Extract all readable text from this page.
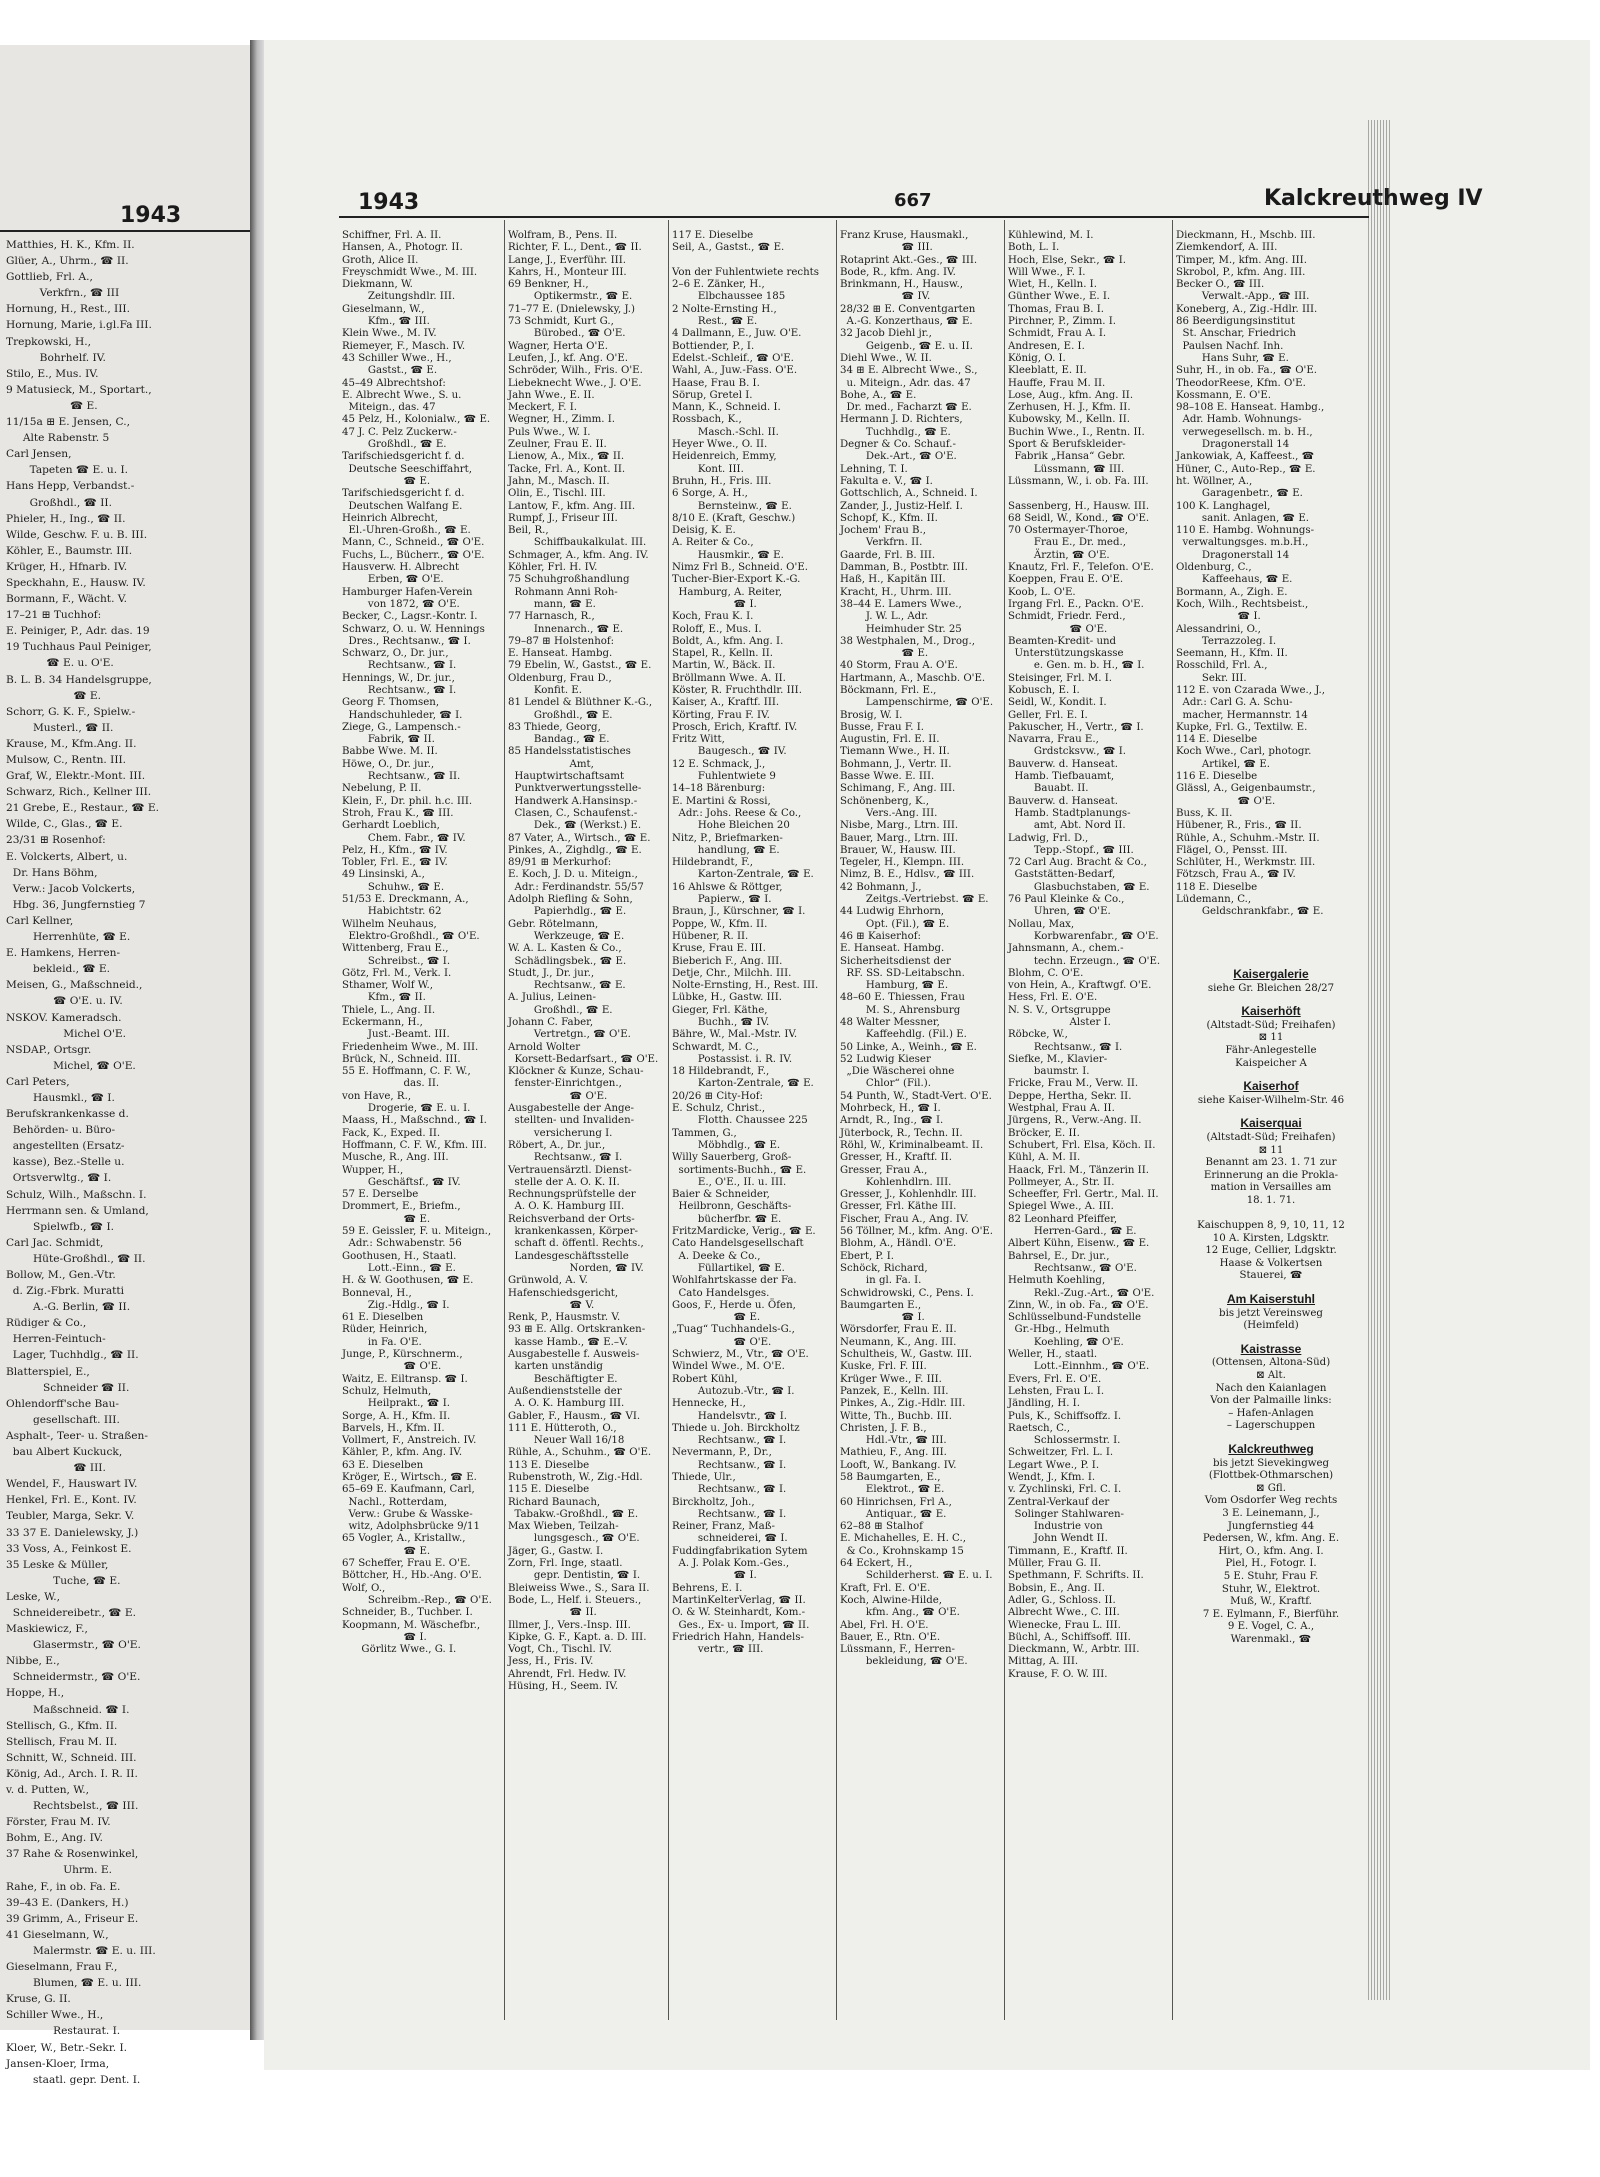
1943
Matthies, H. K., Kfm. II.
Glüer, A., Uhrm., ☎ II.
Gottlieb, Frl. A.,
Verkfrn., ☎ III
Hornung, H., Rest., III.
Hornung, Marie, i.gl.Fa III.
Trepkowski, H.,
Bohrhelf. IV.
Stilo, E., Mus. IV.
9 Matusieck, M., Sportart.,
☎ E.
11/15a ⊞ E. Jensen, C.,
Alte Rabenstr. 5
Carl Jensen,
Tapeten ☎ E. u. I.
Hans Hepp, Verbandst.-
Großhdl., ☎ II.
Phieler, H., Ing., ☎ II.
Wilde, Geschw. F. u. B. III.
Köhler, E., Baumstr. III.
Krüger, H., Hfnarb. IV.
Speckhahn, E., Hausw. IV.
Bormann, F., Wächt. V.
17–21 ⊞ Tuchhof:
E. Peiniger, P., Adr. das. 19
19 Tuchhaus Paul Peiniger,
☎ E. u. O'E.
B. L. B. 34 Handelsgruppe,
☎ E.
Schorr, G. K. F., Spielw.-
Musterl., ☎ II.
Krause, M., Kfm.Ang. II.
Mulsow, C., Rentn. III.
Graf, W., Elektr.-Mont. III.
Schwarz, Rich., Kellner III.
21 Grebe, E., Restaur., ☎ E.
Wilde, C., Glas., ☎ E.
23/31 ⊞ Rosenhof:
E. Volckerts, Albert, u.
Dr. Hans Böhm,
Verw.: Jacob Volckerts,
Hbg. 36, Jungfernstieg 7
Carl Kellner,
Herrenhüte, ☎ E.
E. Hamkens, Herren-
bekleid., ☎ E.
Meisen, G., Maßschneid.,
☎ O'E. u. IV.
NSKOV. Kameradsch.
Michel O'E.
NSDAP., Ortsgr.
Michel, ☎ O'E.
Carl Peters,
Hausmkl., ☎ I.
Berufskrankenkasse d.
Behörden- u. Büro-
angestellten (Ersatz-
kasse), Bez.-Stelle u.
Ortsverwltg., ☎ I.
Schulz, Wilh., Maßschn. I.
Herrmann sen. & Umland,
Spielwfb., ☎ I.
Carl Jac. Schmidt,
Hüte-Großhdl., ☎ II.
Bollow, M., Gen.-Vtr.
d. Zig.-Fbrk. Muratti
A.-G. Berlin, ☎ II.
Rüdiger & Co.,
Herren-Feintuch-
Lager, Tuchhdlg., ☎ II.
Blatterspiel, E.,
Schneider ☎ II.
Ohlendorff'sche Bau-
gesellschaft. III.
Asphalt-, Teer- u. Straßen-
bau Albert Kuckuck,
☎ III.
Wendel, F., Hauswart IV.
Henkel, Frl. E., Kont. IV.
Teubler, Marga, Sekr. V.
33 37 E. Danielewsky, J.)
33 Voss, A., Feinkost E.
35 Leske & Müller,
Tuche, ☎ E.
Leske, W.,
Schneidereibetr., ☎ E.
Maskiewicz, F.,
Glasermstr., ☎ O'E.
Nibbe, E.,
Schneidermstr., ☎ O'E.
Hoppe, H.,
Maßschneid. ☎ I.
Stellisch, G., Kfm. II.
Stellisch, Frau M. II.
Schnitt, W., Schneid. III.
König, Ad., Arch. I. R. II.
v. d. Putten, W.,
Rechtsbelst., ☎ III.
Förster, Frau M. IV.
Bohm, E., Ang. IV.
37 Rahe & Rosenwinkel,
Uhrm. E.
Rahe, F., in ob. Fa. E.
39–43 E. (Dankers, H.)
39 Grimm, A., Friseur E.
41 Gieselmann, W.,
Malermstr. ☎ E. u. III.
Gieselmann, Frau F.,
Blumen, ☎ E. u. III.
Kruse, G. II.
Schiller Wwe., H.,
Restaurat. I.
Kloer, W., Betr.-Sekr. I.
Jansen-Kloer, Irma,
staatl. gepr. Dent. I.
1943	667	Kalckreuthweg IV
Schiffner, Frl. A. II.
Hansen, A., Photogr. II.
Groth, Alice II.
Freyschmidt Wwe., M. III.
Diekmann, W.
Zeitungshdlr. III.
Gieselmann, W.,
Kfm., ☎ III.
Klein Wwe., M. IV.
Riemeyer, F., Masch. IV.
43 Schiller Wwe., H.,
Gastst., ☎ E.
45–49 Albrechtshof:
E. Albrecht Wwe., S. u.
Miteign., das. 47
45 Pelz, H., Kolonialw., ☎ E.
47 J. C. Pelz Zuckerw.-
Großhdl., ☎ E.
Tarifschiedsgericht f. d.
Deutsche Seeschiffahrt,
☎ E.
Tarifschiedsgericht f. d.
Deutschen Walfang E.
Heinrich Albrecht,
El.-Uhren-Großh., ☎ E.
Mann, C., Schneid., ☎ O'E.
Fuchs, L., Bücherr., ☎ O'E.
Hausverw. H. Albrecht
Erben, ☎ O'E.
Hamburger Hafen-Verein
von 1872, ☎ O'E.
Becker, C., Lagsr.-Kontr. I.
Schwarz, O. u. W. Hennings
Dres., Rechtsanw., ☎ I.
Schwarz, O., Dr. jur.,
Rechtsanw., ☎ I.
Hennings, W., Dr. jur.,
Rechtsanw., ☎ I.
Georg F. Thomsen,
Handschuhleder, ☎ I.
Ziege, G., Lampensch.-
Fabrik, ☎ II.
Babbe Wwe. M. II.
Höwe, O., Dr. jur.,
Rechtsanw., ☎ II.
Nebelung, P. II.
Klein, F., Dr. phil. h.c. III.
Stroh, Frau K., ☎ III.
Gerhardt Loeblich,
Chem. Fabr., ☎ IV.
Pelz, H., Kfm., ☎ IV.
Tobler, Frl. E., ☎ IV.
49 Linsinski, A.,
Schuhw., ☎ E.
51/53 E. Dreckmann, A.,
Habichtstr. 62
Wilhelm Neuhaus,
Elektro-Großhdl., ☎ O'E.
Wittenberg, Frau E.,
Schreibst., ☎ I.
Götz, Frl. M., Verk. I.
Sthamer, Wolf W.,
Kfm., ☎ II.
Thiele, L., Ang. II.
Eckermann, H.,
Just.-Beamt. III.
Friedenheim Wwe., M. III.
Brück, N., Schneid. III.
55 E. Hoffmann, C. F. W.,
das. II.
von Have, R.,
Drogerie, ☎ E. u. I.
Maass, H., Maßschnd., ☎ I.
Fack, K., Exped. II.
Hoffmann, C. F. W., Kfm. III.
Musche, R., Ang. III.
Wupper, H.,
Geschäftsf., ☎ IV.
57 E. Derselbe
Drommert, E., Briefm.,
☎ E.
59 E. Geissler, F. u. Miteign.,
Adr.: Schwabenstr. 56
Goothusen, H., Staatl.
Lott.-Einn., ☎ E.
H. & W. Goothusen, ☎ E.
Bonneval, H.,
Zig.-Hdlg., ☎ I.
61 E. Dieselben
Rüder, Heinrich,
in Fa. O'E.
Junge, P., Kürschnerm.,
☎ O'E.
Waitz, E. Eiltransp. ☎ I.
Schulz, Helmuth,
Heilprakt., ☎ I.
Sorge, A. H., Kfm. II.
Barvels, H., Kfm. II.
Vollmert, F., Anstreich. IV.
Kähler, P., kfm. Ang. IV.
63 E. Dieselben
Kröger, E., Wirtsch., ☎ E.
65–69 E. Kaufmann, Carl,
Nachl., Rotterdam,
Verw.: Grube & Wasske-
witz, Adolphsbrücke 9/11
65 Vogler, A., Kristallw.,
☎ E.
67 Scheffer, Frau E. O'E.
Böttcher, H., Hb.-Ang. O'E.
Wolf, O.,
Schreibm.-Rep., ☎ O'E.
Schneider, B., Tuchber. I.
Koopmann, M. Wäschefbr.,
☎ I.
Görlitz Wwe., G. I.
Wolfram, B., Pens. II.
Richter, F. L., Dent., ☎ II.
Lange, J., Everführ. III.
Kahrs, H., Monteur III.
69 Benkner, H.,
Optikermstr., ☎ E.
71–77 E. (Dnielewsky, J.)
73 Schmidt, Kurt G.,
Bürobed., ☎ O'E.
Wagner, Herta O'E.
Leufen, J., kf. Ang. O'E.
Schröder, Wilh., Fris. O'E.
Liebeknecht Wwe., J. O'E.
Jahn Wwe., E. II.
Meckert, F. I.
Wegner, H., Zimm. I.
Puls Wwe., W. I.
Zeulner, Frau E. II.
Lienow, A., Mix., ☎ II.
Tacke, Frl. A., Kont. II.
Jahn, M., Masch. II.
Olin, E., Tischl. III.
Lantow, F., kfm. Ang. III.
Rumpf, J., Friseur III.
Beil, R.,
Schiffbaukalkulat. III.
Schmager, A., kfm. Ang. IV.
Köhler, Frl. H. IV.
75 Schuhgroßhandlung
Rohmann Anni Roh-
mann, ☎ E.
77 Harnasch, R.,
Innenarch., ☎ E.
79–87 ⊞ Holstenhof:
E. Hanseat. Hambg.
79 Ebelin, W., Gastst., ☎ E.
Oldenburg, Frau D.,
Konfit. E.
81 Lendel & Blüthner K.-G.,
Großhdl., ☎ E.
83 Thiede, Georg,
Bandag., ☎ E.
85 Handelsstatistisches
Amt,
Hauptwirtschaftsamt
Punktverwertungsstelle-
Handwerk A.Hansinsp.-
Clasen, C., Schaufenst.-
Dek., ☎ (Werkst.) E.
87 Vater, A., Wirtsch., ☎ E.
Pinkes, A., Zighdlg., ☎ E.
89/91 ⊞ Merkurhof:
E. Koch, J. D. u. Miteign.,
Adr.: Ferdinandstr. 55/57
Adolph Riefling & Sohn,
Papierhdlg., ☎ E.
Gebr. Rötelmann,
Werkzeuge, ☎ E.
W. A. L. Kasten & Co.,
Schädlingsbek., ☎ E.
Studt, J., Dr. jur.,
Rechtsanw., ☎ E.
A. Julius, Leinen-
Großhdl., ☎ E.
Johann C. Faber,
Vertretgn., ☎ O'E.
Arnold Wolter
Korsett-Bedarfsart., ☎ O'E.
Klöckner & Kunze, Schau-
fenster-Einrichtgen.,
☎ O'E.
Ausgabestelle der Ange-
stellten- und Invaliden-
versicherung I.
Röbert, A., Dr. jur.,
Rechtsanw., ☎ I.
Vertrauensärztl. Dienst-
stelle der A. O. K. II.
Rechnungsprüfstelle der
A. O. K. Hamburg III.
Reichsverband der Orts-
krankenkassen, Körper-
schaft d. öffentl. Rechts.,
Landesgeschäftsstelle
Norden, ☎ IV.
Grünwold, A. V.
Hafenschiedsgericht,
☎ V.
Renk, P., Hausmstr. V.
93 ⊞ E. Allg. Ortskranken-
kasse Hamb., ☎ E.–V.
Ausgabestelle f. Ausweis-
karten unständig
Beschäftigter E.
Außendienststelle der
A. O. K. Hamburg III.
Gabler, F., Hausm., ☎ VI.
111 E. Hütteroth, O.,
Neuer Wall 16/18
Rühle, A., Schuhm., ☎ O'E.
113 E. Dieselbe
Rubenstroth, W., Zig.-Hdl.
115 E. Dieselbe
Richard Baunach,
Tabakw.-Großhdl., ☎ E.
Max Wieben, Teilzah-
lungsgesch., ☎ O'E.
Jäger, G., Gastw. I.
Zorn, Frl. Inge, staatl.
gepr. Dentistin, ☎ I.
Bleiweiss Wwe., S., Sara II.
Bode, L., Helf. i. Steuers.,
☎ II.
Illmer, J., Vers.-Insp. III.
Kipke, G. F., Kapt. a. D. III.
Vogt, Ch., Tischl. IV.
Jess, H., Fris. IV.
Ahrendt, Frl. Hedw. IV.
Hüsing, H., Seem. IV.
117 E. Dieselbe
Seil, A., Gastst., ☎ E.

Von der Fuhlentwiete rechts
2–6 E. Zänker, H.,
Elbchaussee 185
2 Nolte-Ernsting H.,
Rest., ☎ E.
4 Dallmann, E., Juw. O'E.
Bottiender, P., I.
Edelst.-Schleif., ☎ O'E.
Wahl, A., Juw.-Fass. O'E.
Haase, Frau B. I.
Sörup, Gretel I.
Mann, K., Schneid. I.
Rossbach, K.,
Masch.-Schl. II.
Heyer Wwe., O. II.
Heidenreich, Emmy,
Kont. III.
Bruhn, H., Fris. III.
6 Sorge, A. H.,
Bernsteinw., ☎ E.
8/10 E. (Kraft, Geschw.)
Deisig, K. E.
A. Reiter & Co.,
Hausmkir., ☎ E.
Nimz Frl B., Schneid. O'E.
Tucher-Bier-Export K.-G.
Hamburg, A. Reiter,
☎ I.
Koch, Frau K. I.
Roloff, E., Mus. I.
Boldt, A., kfm. Ang. I.
Stapel, R., Kelln. II.
Martin, W., Bäck. II.
Bröllmann Wwe. A. II.
Köster, R. Fruchthdlr. III.
Kaiser, A., Kraftf. III.
Körting, Frau F. IV.
Prosch, Erich, Kraftf. IV.
Fritz Witt,
Baugesch., ☎ IV.
12 E. Schmack, J.,
Fuhlentwiete 9
14–18 Bärenburg:
E. Martini & Rossi,
Adr.: Johs. Reese & Co.,
Hohe Bleichen 20
Nitz, P., Briefmarken-
handlung, ☎ E.
Hildebrandt, F.,
Karton-Zentrale, ☎ E.
16 Ahlswe & Röttger,
Papierw., ☎ I.
Braun, J., Kürschner, ☎ I.
Poppe, W., Kfm. II.
Hübener, R. II.
Kruse, Frau E. III.
Bieberich F., Ang. III.
Detje, Chr., Milchh. III.
Nolte-Ernsting, H., Rest. III.
Lübke, H., Gastw. III.
Gieger, Frl. Käthe,
Buchh., ☎ IV.
Bähre, W., Mal.-Mstr. IV.
Schwardt, M. C.,
Postassist. i. R. IV.
18 Hildebrandt, F.,
Karton-Zentrale, ☎ E.
20/26 ⊞ City-Hof:
E. Schulz, Christ.,
Flotth. Chaussee 225
Tammen, G.,
Möbhdlg., ☎ E.
Willy Sauerberg, Groß-
sortiments-Buchh., ☎ E.
E., O'E., II. u. III.
Baier & Schneider,
Heilbronn, Geschäfts-
bücherfbr. ☎ E.
FritzMardicke, Verig., ☎ E.
Cato Handelsgesellschaft
A. Deeke & Co.,
Füllartikel, ☎ E.
Wohlfahrtskasse der Fa.
Cato Handelsges.
Goos, F., Herde u. Öfen,
☎ E.
„Tuag“ Tuchhandels-G.,
☎ O'E.
Schwierz, M., Vtr., ☎ O'E.
Windel Wwe., M. O'E.
Robert Kühl,
Autozub.-Vtr., ☎ I.
Hennecke, H.,
Handelsvtr., ☎ I.
Thiede u. Joh. Birckholtz
Rechtsanw., ☎ I.
Nevermann, P., Dr.,
Rechtsanw., ☎ I.
Thiede, Ulr.,
Rechtsanw., ☎ I.
Birckholtz, Joh.,
Rechtsanw., ☎ I.
Reiner, Franz, Maß-
schneiderei, ☎ I.
Fuddingfabrikation Sytem
A. J. Polak Kom.-Ges.,
☎ I.
Behrens, E. I.
MartinKelterVerlag, ☎ II.
O. & W. Steinhardt, Kom.-
Ges., Ex- u. Import, ☎ II.
Friedrich Hahn, Handels-
vertr., ☎ III.
Franz Kruse, Hausmakl.,
☎ III.
Rotaprint Akt.-Ges., ☎ III.
Bode, R., kfm. Ang. IV.
Brinkmann, H., Hausw.,
☎ IV.
28/32 ⊞ E. Conventgarten
A.-G. Konzerthaus, ☎ E.
32 Jacob Diehl jr.,
Geigenb., ☎ E. u. II.
Diehl Wwe., W. II.
34 ⊞ E. Albrecht Wwe., S.,
u. Miteign., Adr. das. 47
Bohe, A., ☎ E.
Dr. med., Facharzt ☎ E.
Hermann J. D. Richters,
Tuchhdlg., ☎ E.
Degner & Co. Schauf.-
Dek.-Art., ☎ O'E.
Lehning, T. I.
Fakulta e. V., ☎ I.
Gottschlich, A., Schneid. I.
Zander, J., Justiz-Helf. I.
Schopf, K., Kfm. II.
Jochem' Frau B.,
Verkfrn. II.
Gaarde, Frl. B. III.
Damman, B., Postbtr. III.
Haß, H., Kapitän III.
Kracht, H., Uhrm. III.
38–44 E. Lamers Wwe.,
J. W. L., Adr.
Heimhuder Str. 25
38 Westphalen, M., Drog.,
☎ E.
40 Storm, Frau A. O'E.
Hartmann, A., Maschb. O'E.
Böckmann, Frl. E.,
Lampenschirme, ☎ O'E.
Brosig, W. I.
Busse, Frau F. I.
Augustin, Frl. E. II.
Tiemann Wwe., H. II.
Bohmann, J., Vertr. II.
Basse Wwe. E. III.
Schimang, F., Ang. III.
Schönenberg, K.,
Vers.-Ang. III.
Nisbe, Marg., Ltrn. III.
Bauer, Marg., Ltrn. III.
Brauer, W., Hausw. III.
Tegeler, H., Klempn. III.
Nimz, B. E., Hdlsv., ☎ III.
42 Bohmann, J.,
Zeitgs.-Vertriebst. ☎ E.
44 Ludwig Ehrhorn,
Opt. (Fil.), ☎ E.
46 ⊞ Kaiserhof:
E. Hanseat. Hambg.
Sicherheitsdienst der
RF. SS. SD-Leitabschn.
Hamburg, ☎ E.
48–60 E. Thiessen, Frau
M. S., Ahrensburg
48 Walter Messner,
Kaffeehdlg. (Fil.) E.
50 Linke, A., Weinh., ☎ E.
52 Ludwig Kieser
„Die Wäscherei ohne
Chlor“ (Fil.).
54 Punth, W., Stadt-Vert. O'E.
Mohrbeck, H., ☎ I.
Arndt, R., Ing., ☎ I.
Jüterbock, R., Techn. II.
Röhl, W., Kriminalbeamt. II.
Gresser, H., Kraftf. II.
Gresser, Frau A.,
Kohlenhdlrn. III.
Gresser, J., Kohlenhdlr. III.
Gresser, Frl. Käthe III.
Fischer, Frau A., Ang. IV.
56 Töllner, M., kfm. Ang. O'E.
Blohm, A., Händl. O'E.
Ebert, P. I.
Schöck, Richard,
in gl. Fa. I.
Schwidrowski, C., Pens. I.
Baumgarten E.,
☎ I.
Wörsdorfer, Frau E. II.
Neumann, K., Ang. III.
Schultheis, W., Gastw. III.
Kuske, Frl. F. III.
Krüger Wwe., F. III.
Panzek, E., Kelln. III.
Pinkes, A., Zig.-Hdlr. III.
Witte, Th., Buchb. III.
Christen, J. F. B.,
Hdl.-Vtr., ☎ III.
Mathieu, F., Ang. III.
Looft, W., Bankang. IV.
58 Baumgarten, E.,
Elektrot., ☎ E.
60 Hinrichsen, Frl A.,
Antiquar., ☎ E.
62–88 ⊞ Stalhof
E. Michahelles, E. H. C.,
& Co., Krohnskamp 15
64 Eckert, H.,
Schilderherst. ☎ E. u. I.
Kraft, Frl. E. O'E.
Koch, Alwine-Hilde,
kfm. Ang., ☎ O'E.
Abel, Frl. H. O'E.
Bauer, E., Rtn. O'E.
Lüssmann, F., Herren-
bekleidung, ☎ O'E.
Kühlewind, M. I.
Both, L. I.
Hoch, Else, Sekr., ☎ I.
Will Wwe., F. I.
Wiet, H., Kelln. I.
Günther Wwe., E. I.
Thomas, Frau B. I.
Pirchner, P., Zimm. I.
Schmidt, Frau A. I.
Andresen, E. I.
König, O. I.
Kleeblatt, E. II.
Hauffe, Frau M. II.
Lose, Aug., kfm. Ang. II.
Zerhusen, H. J., Kfm. II.
Kubowsky, M., Kelln. II.
Buchin Wwe., I., Rentn. II.
Sport & Berufskleider-
Fabrik „Hansa“ Gebr.
Lüssmann, ☎ III.
Lüssmann, W., i. ob. Fa. III.

Sassenberg, H., Hausw. III.
68 Seidl, W., Kond., ☎ O'E.
70 Ostermayer-Thoroe,
Frau E., Dr. med.,
Ärztin, ☎ O'E.
Knautz, Frl. F., Telefon. O'E.
Koeppen, Frau E. O'E.
Koob, L. O'E.
Irgang Frl. E., Packn. O'E.
Schmidt, Friedr. Ferd.,
☎ O'E.
Beamten-Kredit- und
Unterstützungskasse
e. Gen. m. b. H., ☎ I.
Steisinger, Frl. M. I.
Kobusch, E. I.
Seidl, W., Kondit. I.
Geller, Frl. E. I.
Pakuscher, H., Vertr., ☎ I.
Navarra, Frau E.,
Grdstcksvw., ☎ I.
Bauverw. d. Hanseat.
Hamb. Tiefbauamt,
Bauabt. II.
Bauverw. d. Hanseat.
Hamb. Stadtplanungs-
amt, Abt. Nord II.
Ladwig, Frl. D.,
Tepp.-Stopf., ☎ III.
72 Carl Aug. Bracht & Co.,
Gaststätten-Bedarf,
Glasbuchstaben, ☎ E.
76 Paul Kleinke & Co.,
Uhren, ☎ O'E.
Nollau, Max,
Korbwarenfabr., ☎ O'E.
Jahnsmann, A., chem.-
techn. Erzeugn., ☎ O'E.
Blohm, C. O'E.
von Hein, A., Kraftwgf. O'E.
Hess, Frl. E. O'E.
N. S. V., Ortsgruppe
Alster I.
Röbcke, W.,
Rechtsanw., ☎ I.
Siefke, M., Klavier-
baumstr. I.
Fricke, Frau M., Verw. II.
Deppe, Hertha, Sekr. II.
Westphal, Frau A. II.
Jürgens, R., Verw.-Ang. II.
Bröcker, E. II.
Schubert, Frl. Elsa, Köch. II.
Kühl, A. M. II.
Haack, Frl. M., Tänzerin II.
Pollmeyer, A., Str. II.
Scheeffer, Frl. Gertr., Mal. II.
Spiegel Wwe., A. III.
82 Leonhard Pfeiffer,
Herren-Gard., ☎ E.
Albert Kühn, Eisenw., ☎ E.
Bahrsel, E., Dr. jur.,
Rechtsanw., ☎ O'E.
Helmuth Koehling,
Rekl.-Zug.-Art., ☎ O'E.
Zinn, W., in ob. Fa., ☎ O'E.
Schlüsselbund-Fundstelle
Gr.-Hbg., Helmuth
Koehling, ☎ O'E.
Weller, H., staatl.
Lott.-Einnhm., ☎ O'E.
Evers, Frl. E. O'E.
Lehsten, Frau L. I.
Jändling, H. I.
Puls, K., Schiffsoffz. I.
Raetsch, C.,
Schlossermstr. I.
Schweitzer, Frl. L. I.
Legart Wwe., P. I.
Wendt, J., Kfm. I.
v. Zychlinski, Frl. C. I.
Zentral-Verkauf der
Solinger Stahlwaren-
Industrie von
John Wendt II.
Timmann, E., Kraftf. II.
Müller, Frau G. II.
Spethmann, F. Schrifts. II.
Bobsin, E., Ang. II.
Adler, G., Schloss. II.
Albrecht Wwe., C. III.
Wienecke, Frau L. III.
Büchl, A., Schiffsoff. III.
Dieckmann, W., Arbtr. III.
Mittag, A. III.
Krause, F. O. W. III.
Dieckmann, H., Mschb. III.
Ziemkendorf, A. III.
Timper, M., kfm. Ang. III.
Skrobol, P., kfm. Ang. III.
Becker O., ☎ III.
Verwalt.-App., ☎ III.
Koneberg, A., Zig.-Hdlr. III.
86 Beerdigungsinstitut
St. Anschar, Friedrich
Paulsen Nachf. Inh.
Hans Suhr, ☎ E.
Suhr, H., in ob. Fa., ☎ O'E.
TheodorReese, Kfm. O'E.
Kossmann, E. O'E.
98–108 E. Hanseat. Hambg.,
Adr. Hamb. Wohnungs-
verwegesellsch. m. b. H.,
Dragonerstall 14
Jankowiak, A, Kaffeest., ☎
Hüner, C., Auto-Rep., ☎ E.
ht. Wöllner, A.,
Garagenbetr., ☎ E.
100 K. Langhagel,
sanit. Anlagen, ☎ E.
110 E. Hambg. Wohnungs-
verwaltungsges. m.b.H.,
Dragonerstall 14
Oldenburg, C.,
Kaffeehaus, ☎ E.
Bormann, A., Zigh. E.
Koch, Wilh., Rechtsbeist.,
☎ I.
Alessandrini, O.,
Terrazzoleg. I.
Seemann, H., Kfm. II.
Rosschild, Frl. A.,
Sekr. III.
112 E. von Czarada Wwe., J.,
Adr.: Carl G. A. Schu-
macher, Hermannstr. 14
Kupke, Frl. G., Textilw. E.
114 E. Dieselbe
Koch Wwe., Carl, photogr.
Artikel, ☎ E.
116 E. Dieselbe
Glässl, A., Geigenbaumstr.,
☎ O'E.
Buss, K. II.
Hübener, R., Fris., ☎ II.
Rühle, A., Schuhm.-Mstr. II.
Flägel, O., Pensst. III.
Schlüter, H., Werkmstr. III.
Fötzsch, Frau A., ☎ IV.
118 E. Dieselbe
Lüdemann, C.,
Geldschrankfabr., ☎ E.
Kaisergalerie
siehe Gr. Bleichen 28/27
Kaiserhöft
(Altstadt-Süd; Freihafen)
⊠ 11
Fähr-Anlegestelle
Kaispeicher A
Kaiserhof
siehe Kaiser-Wilhelm-Str. 46
Kaiserquai
(Altstadt-Süd; Freihafen)
⊠ 11
Benannt am 23. 1. 71 zur
Erinnerung an die Prokla-
mation in Versailles am
18. 1. 71.

Kaischuppen 8, 9, 10, 11, 12
10 A. Kirsten, Ldgsktr.
12 Euge, Cellier, Ldgsktr.
Haase & Volkertsen
Stauerei, ☎
Am Kaiserstuhl
bis jetzt Vereinsweg
(Heimfeld)
Kaistrasse
(Ottensen, Altona-Süd)
⊠ Alt.
Nach den Kaianlagen
Von der Palmaille links:
– Hafen-Anlagen
– Lagerschuppen
Kalckreuthweg
bis jetzt Sievekingweg
(Flottbek-Othmarschen)
⊠ Gfl.
Vom Osdorfer Weg rechts
3 E. Leinemann, J.,
Jungfernstieg 44
Pedersen, W., kfm. Ang. E.
Hirt, O., kfm. Ang. I.
Piel, H., Fotogr. I.
5 E. Stuhr, Frau F.
Stuhr, W., Elektrot.
Muß, W., Kraftf.
7 E. Eylmann, F., Bierführ.
9 E. Vogel, C. A.,
Warenmakl., ☎
